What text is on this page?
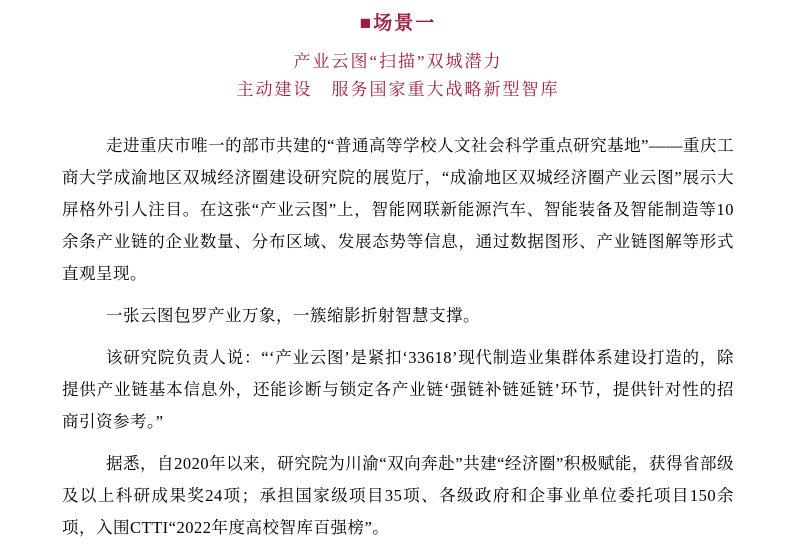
■ 场景一
产业云图“扫描”双城潜力
主动建设　服务国家重大战略新型智库

走进重庆市唯一的部市共建的“普通高等学校人文社会科学重点研究基地”——重庆工商大学成渝地区双城经济圈建设研究院的展览厅，“成渝地区双城经济圈产业云图”展示大屏格外引人注目。在这张“产业云图”上，智能网联新能源汽车、智能装备及智能制造等10余条产业链的企业数量、分布区域、发展态势等信息，通过数据图形、产业链图解等形式直观呈现。

一张云图包罗产业万象，一簇缩影折射智慧支撑。

该研究院负责人说：“‘产业云图’是紧扣‘33618’现代制造业集群体系建设打造的，除提供产业链基本信息外，还能诊断与锁定各产业链‘强链补链延链’环节，提供针对性的招商引资参考。”

据悉，自2020年以来，研究院为川渝“双向奔赴”共建“经济圈”积极赋能，获得省部级及以上科研成果奖24项；承担国家级项目35项、各级政府和企事业单位委托项目150余项，入围CTTI“2022年度高校智库百强榜”。
